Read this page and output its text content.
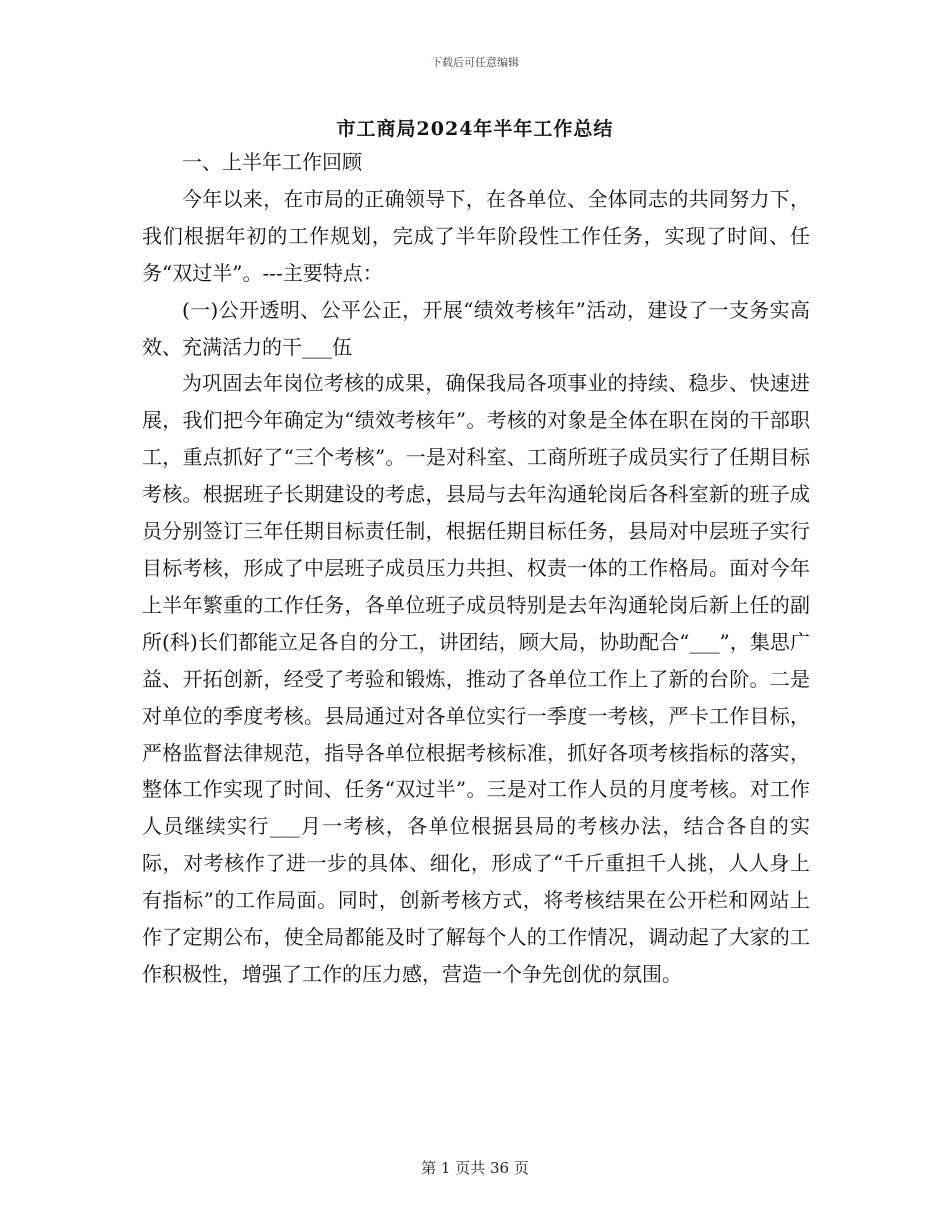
下载后可任意编辑
市工商局2024年半年工作总结

一、上半年工作回顾

今年以来，在市局的正确领导下，在各单位、全体同志的共同努力下，我们根据年初的工作规划，完成了半年阶段性工作任务，实现了时间、任务“双过半”。---主要特点：

(一)公开透明、公平公正，开展“绩效考核年”活动，建设了一支务实高效、充满活力的干___伍

为巩固去年岗位考核的成果，确保我局各项事业的持续、稳步、快速进展，我们把今年确定为“绩效考核年”。考核的对象是全体在职在岗的干部职工，重点抓好了“三个考核”。一是对科室、工商所班子成员实行了任期目标考核。根据班子长期建设的考虑，县局与去年沟通轮岗后各科室新的班子成员分别签订三年任期目标责任制，根据任期目标任务，县局对中层班子实行目标考核，形成了中层班子成员压力共担、权责一体的工作格局。面对今年上半年繁重的工作任务，各单位班子成员特别是去年沟通轮岗后新上任的副所(科)长们都能立足各自的分工，讲团结，顾大局，协助配合“___”，集思广益、开拓创新，经受了考验和锻炼，推动了各单位工作上了新的台阶。二是对单位的季度考核。县局通过对各单位实行一季度一考核，严卡工作目标，严格监督法律规范，指导各单位根据考核标准，抓好各项考核指标的落实，整体工作实现了时间、任务“双过半”。三是对工作人员的月度考核。对工作人员继续实行___月一考核，各单位根据县局的考核办法，结合各自的实际，对考核作了进一步的具体、细化，形成了“千斤重担千人挑，人人身上有指标”的工作局面。同时，创新考核方式，将考核结果在公开栏和网站上作了定期公布，使全局都能及时了解每个人的工作情况，调动起了大家的工作积极性，增强了工作的压力感，营造一个争先创优的氛围。

第 1 页共 36 页
